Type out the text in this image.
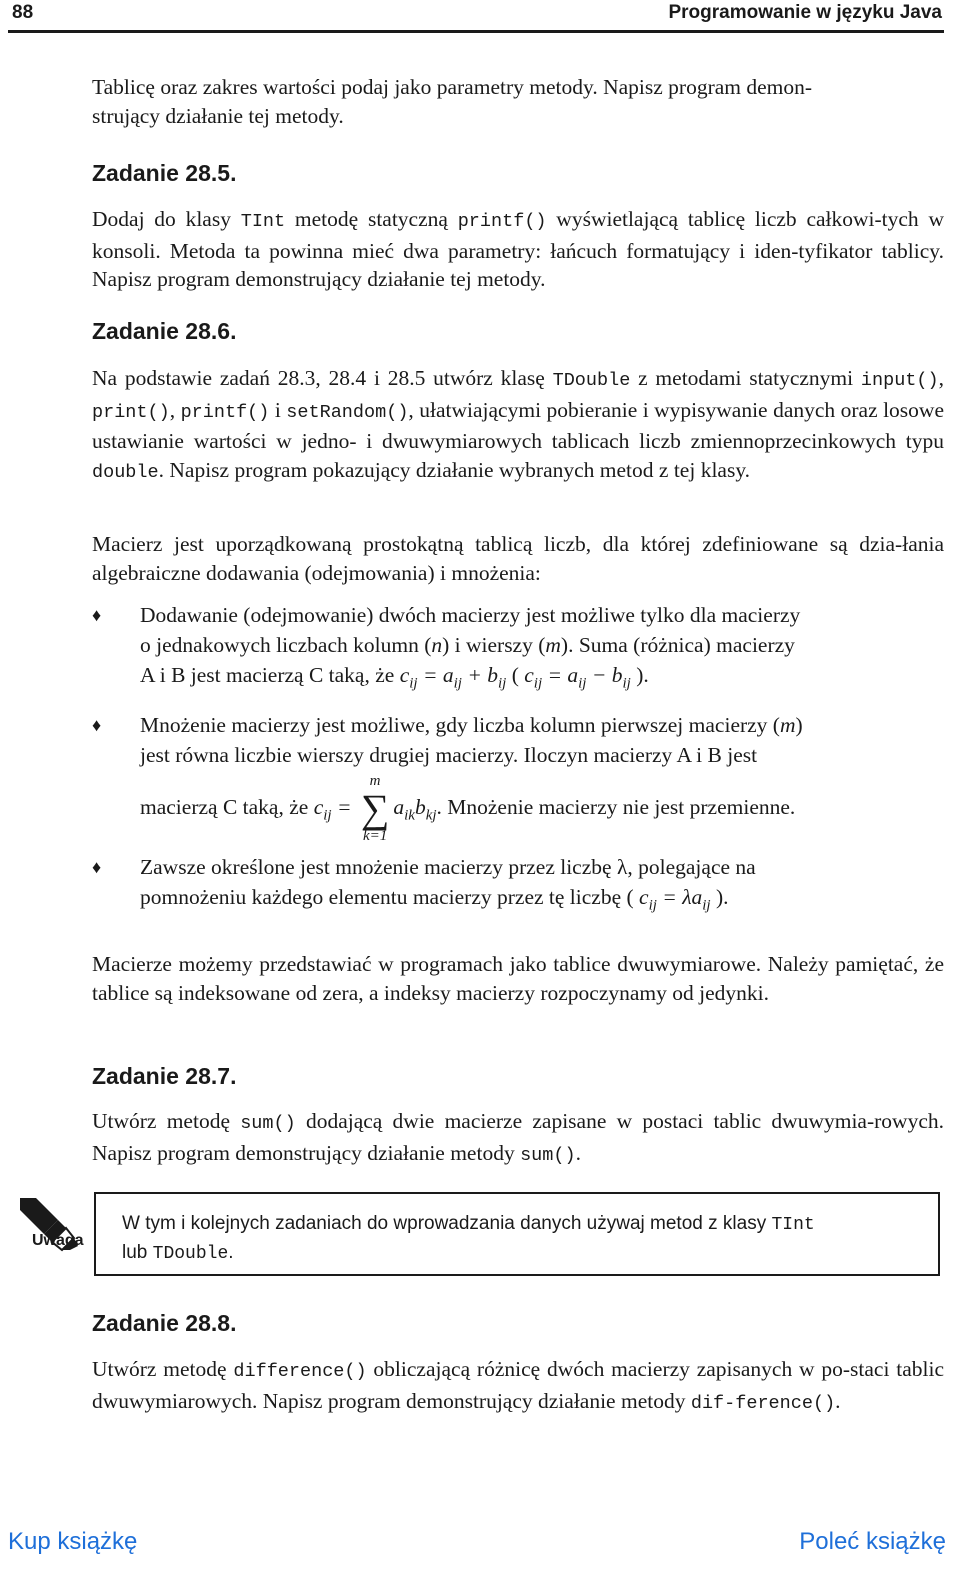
88	Programowanie w języku Java
Tablicę oraz zakres wartości podaj jako parametry metody. Napisz program demon-
strujący działanie tej metody.
Zadanie 28.5.

Dodaj do klasy TInt metodę statyczną printf() wyświetlającą tablicę liczb całkowi-tych w konsoli. Metoda ta powinna mieć dwa parametry: łańcuch formatujący i iden-tyfikator tablicy. Napisz program demonstrujący działanie tej metody.

Zadanie 28.6.

Na podstawie zadań 28.3, 28.4 i 28.5 utwórz klasę TDouble z metodami statycznymi input(), print(), printf() i setRandom(), ułatwiającymi pobieranie i wypisywanie danych oraz losowe ustawianie wartości w jedno- i dwuwymiarowych tablicach liczb zmiennoprzecinkowych typu double. Napisz program pokazujący działanie wybranych metod z tej klasy.

Macierz jest uporządkowaną prostokątną tablicą liczb, dla której zdefiniowane są dzia-łania algebraiczne dodawania (odejmowania) i mnożenia:

♦ Dodawanie (odejmowanie) dwóch macierzy jest możliwe tylko dla macierzy
o jednakowych liczbach kolumn (n) i wierszy (m). Suma (różnica) macierzy
A i B jest macierzą C taką, że $c_{ij} = a_{ij} + b_{ij}$ ( $c_{ij} = a_{ij} - b_{ij}$ ).
♦ Mnożenie macierzy jest możliwe, gdy liczba kolumn pierwszej macierzy (m)
jest równa liczbie wierszy drugiej macierzy. Iloczyn macierzy A i B jest

macierzą C taką, że $c_{ij}$ =
m
∑
k=1
$a_{ik}b_{kj}$. Mnożenie macierzy nie jest przemienne.
♦ Zawsze określone jest mnożenie macierzy przez liczbę λ, polegające na
pomnożeniu każdego elementu macierzy przez tę liczbę ( $c_{ij} = \lambda a_{ij}$ ).

Macierze możemy przedstawiać w programach jako tablice dwuwymiarowe. Należy pamiętać, że tablice są indeksowane od zera, a indeksy macierzy rozpoczynamy od jedynki.

Zadanie 28.7.

Utwórz metodę sum() dodającą dwie macierze zapisane w postaci tablic dwuwymia-rowych. Napisz program demonstrujący działanie metody sum().

Uwaga
W tym i kolejnych zadaniach do wprowadzania danych używaj metod z klasy TInt
lub TDouble.
Zadanie 28.8.

Utwórz metodę difference() obliczającą różnicę dwóch macierzy zapisanych w po-staci tablic dwuwymiarowych. Napisz program demonstrujący działanie metody dif-ference().

Kup książkę	Poleć książkę
